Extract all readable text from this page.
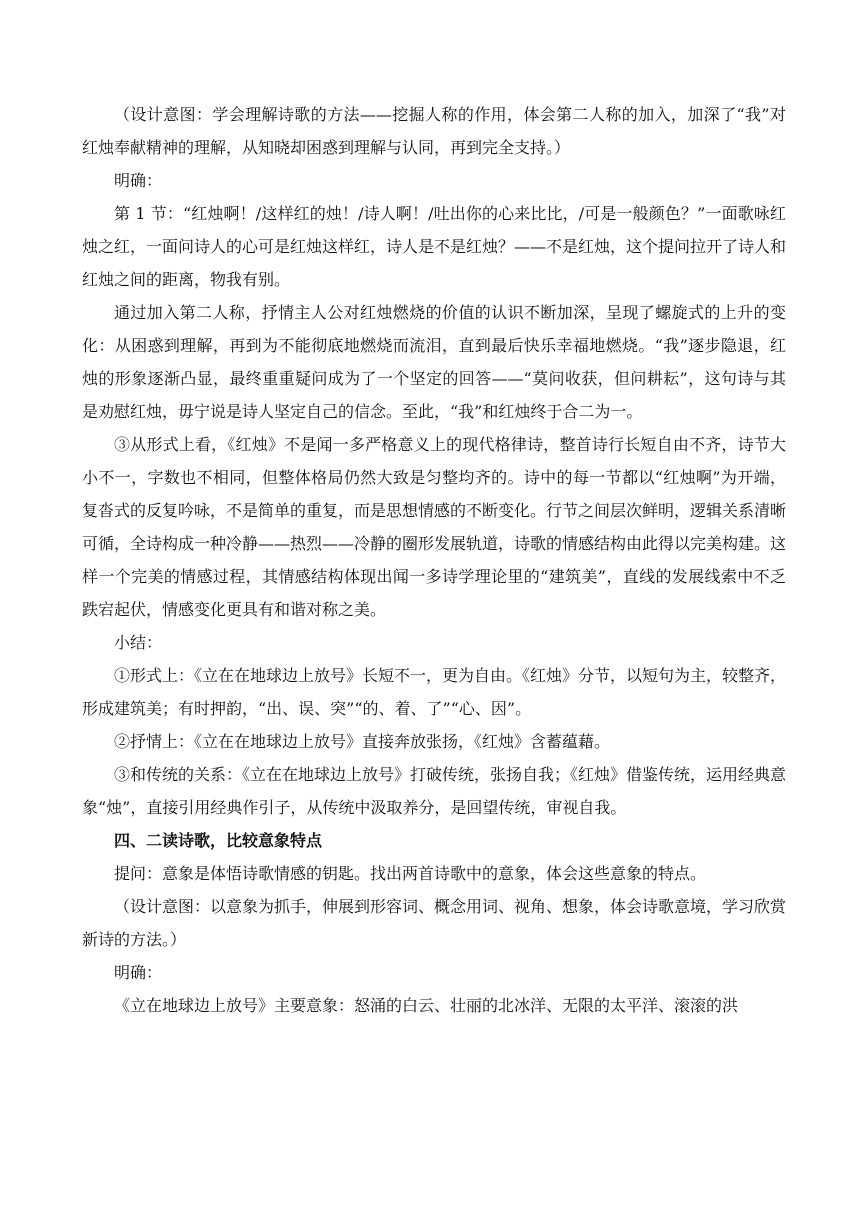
（设计意图：学会理解诗歌的方法——挖掘人称的作用，体会第二人称的加入，加深了“我”对红烛奉献精神的理解，从知晓却困惑到理解与认同，再到完全支持。）

明确：

第 1 节：“红烛啊！/这样红的烛！/诗人啊！/吐出你的心来比比，/可是一般颜色？”一面歌咏红烛之红，一面问诗人的心可是红烛这样红，诗人是不是红烛？——不是红烛，这个提问拉开了诗人和红烛之间的距离，物我有别。

通过加入第二人称，抒情主人公对红烛燃烧的价值的认识不断加深，呈现了螺旋式的上升的变化：从困惑到理解，再到为不能彻底地燃烧而流泪，直到最后快乐幸福地燃烧。“我”逐步隐退，红烛的形象逐渐凸显，最终重重疑问成为了一个坚定的回答——“莫问收获，但问耕耘”，这句诗与其是劝慰红烛，毋宁说是诗人坚定自己的信念。至此，“我”和红烛终于合二为一。

③从形式上看，《红烛》不是闻一多严格意义上的现代格律诗，整首诗行长短自由不齐，诗节大小不一，字数也不相同，但整体格局仍然大致是匀整均齐的。诗中的每一节都以“红烛啊”为开端，复沓式的反复吟咏，不是简单的重复，而是思想情感的不断变化。行节之间层次鲜明，逻辑关系清晰可循，全诗构成一种冷静——热烈——冷静的圈形发展轨道，诗歌的情感结构由此得以完美构建。这样一个完美的情感过程，其情感结构体现出闻一多诗学理论里的“建筑美”，直线的发展线索中不乏跌宕起伏，情感变化更具有和谐对称之美。

小结：

①形式上：《立在在地球边上放号》长短不一，更为自由。《红烛》分节，以短句为主，较整齐，形成建筑美；有时押韵，“出、误、突”“的、着、了”“心、因”。

②抒情上：《立在在地球边上放号》直接奔放张扬，《红烛》含蓄蕴藉。

③和传统的关系：《立在在地球边上放号》打破传统，张扬自我；《红烛》借鉴传统，运用经典意象“烛”，直接引用经典作引子，从传统中汲取养分，是回望传统，审视自我。

四、二读诗歌，比较意象特点

提问：意象是体悟诗歌情感的钥匙。找出两首诗歌中的意象，体会这些意象的特点。

（设计意图：以意象为抓手，伸展到形容词、概念用词、视角、想象，体会诗歌意境，学习欣赏新诗的方法。）

明确：

《立在地球边上放号》主要意象：怒涌的白云、壮丽的北冰洋、无限的太平洋、滚滚的洪
